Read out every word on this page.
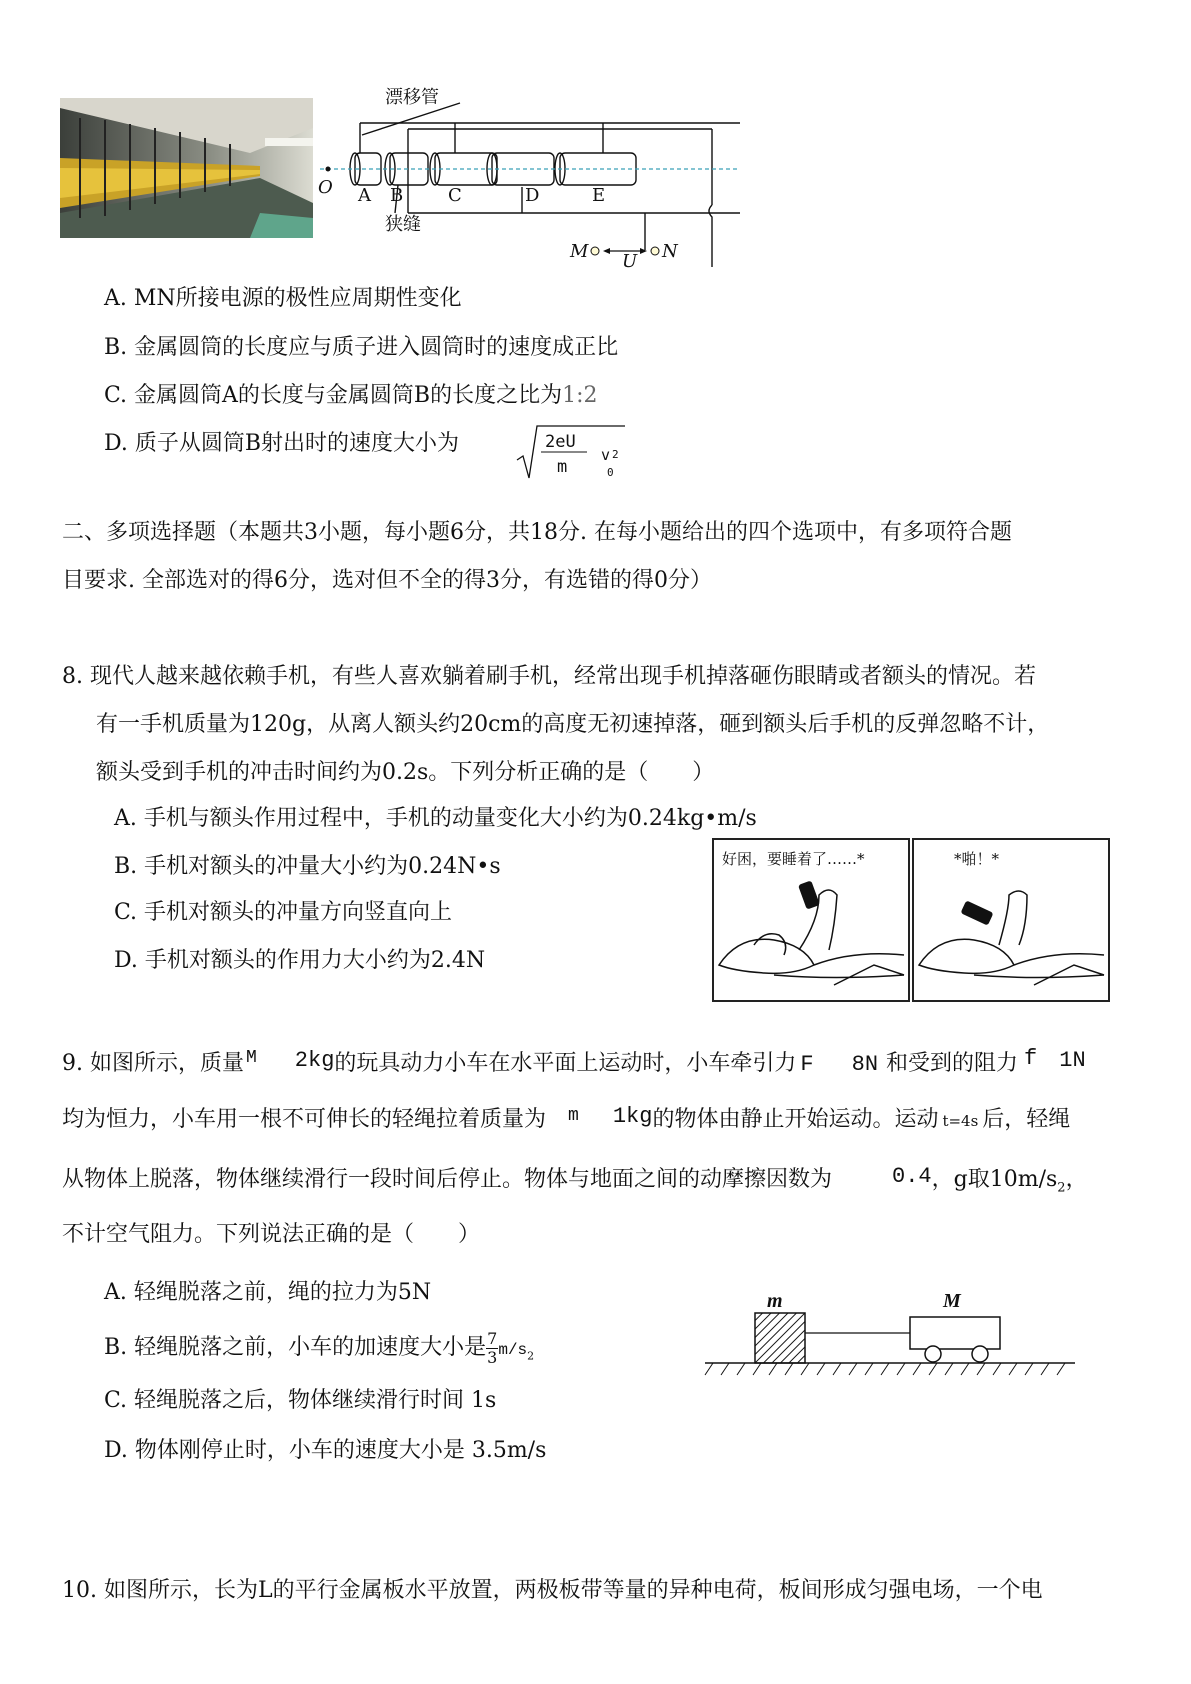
漂移管
狭缝
O A B C	D	E
M	N
U
A. MN所接电源的极性应周期性变化
B. 金属圆筒的长度应与质子进入圆筒时的速度成正比
C. 金属圆筒A的长度与金属圆筒B的长度之比为1:2
D. 质子从圆筒B射出时的速度大小为	2eU
m
v 2
0
二、多项选择题（本题共3小题，每小题6分，共18分. 在每小题给出的四个选项中，有多项符合题
目要求. 全部选对的得6分，选对但不全的得3分，有选错的得0分）
8. 现代人越来越依赖手机，有些人喜欢躺着刷手机，经常出现手机掉落砸伤眼睛或者额头的情况。若
有一手机质量为120g，从离人额头约20cm的高度无初速掉落，砸到额头后手机的反弹忽略不计，
额头受到手机的冲击时间约为0.2s。下列分析正确的是（　　）
A. 手机与额头作用过程中，手机的动量变化大小约为0.24kg•m/s
B. 手机对额头的冲量大小约为0.24N•s
C. 手机对额头的冲量方向竖直向上
D. 手机对额头的作用力大小约为2.4N
好困，要睡着了……*	*啪！*
9. 如图所示，质量 $^M$ 2kg的玩具动力小车在水平面上运动时，小车牵引力 F 8N 和受到的阻力 f 1N
均为恒力，小车用一根不可伸长的轻绳拉着质量为 $^m$ 1kg的物体由静止开始运动。运动 t=4s 后，轻绳
从物体上脱落，物体继续滑行一段时间后停止。物体与地面之间的动摩擦因数为	0.4，g取$10m/s_2$，
不计空气阻力。下列说法正确的是（　　）
A. 轻绳脱落之前，绳的拉力为5N
B. 轻绳脱落之前，小车的加速度大小是 $\frac{7}{3} m/s_2$
C. 轻绳脱落之后，物体继续滑行时间 1s
D. 物体刚停止时，小车的速度大小是 3.5m/s
m	M
10. 如图所示，长为L的平行金属板水平放置，两极板带等量的异种电荷，板间形成匀强电场，一个电
